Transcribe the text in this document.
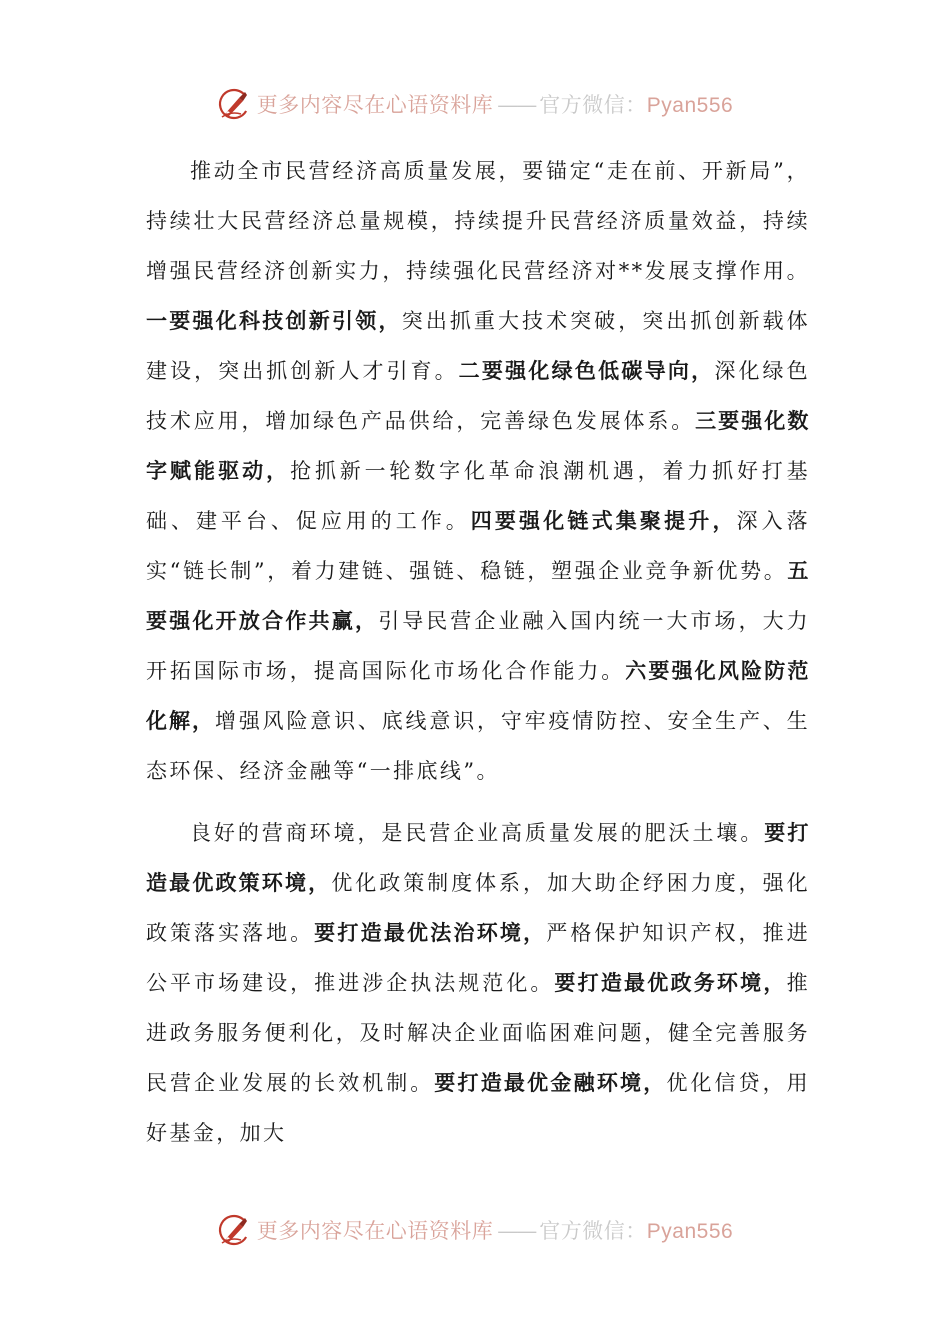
更多内容尽在心语资料库 —— 官方微信：Pyan556

推动全市民营经济高质量发展，要锚定“走在前、开新局”，持续壮大民营经济总量规模，持续提升民营经济质量效益，持续增强民营经济创新实力，持续强化民营经济对**发展支撑作用。一要强化科技创新引领，突出抓重大技术突破，突出抓创新载体建设，突出抓创新人才引育。二要强化绿色低碳导向，深化绿色技术应用，增加绿色产品供给，完善绿色发展体系。三要强化数字赋能驱动，抢抓新一轮数字化革命浪潮机遇，着力抓好打基础、建平台、促应用的工作。四要强化链式集聚提升，深入落实“链长制”，着力建链、强链、稳链，塑强企业竞争新优势。五要强化开放合作共赢，引导民营企业融入国内统一大市场，大力开拓国际市场，提高国际化市场化合作能力。六要强化风险防范化解，增强风险意识、底线意识，守牢疫情防控、安全生产、生态环保、经济金融等“一排底线”。

良好的营商环境，是民营企业高质量发展的肥沃土壤。要打造最优政策环境，优化政策制度体系，加大助企纾困力度，强化政策落实落地。要打造最优法治环境，严格保护知识产权，推进公平市场建设，推进涉企执法规范化。要打造最优政务环境，推进政务服务便利化，及时解决企业面临困难问题，健全完善服务民营企业发展的长效机制。要打造最优金融环境，优化信贷，用好基金，加大

更多内容尽在心语资料库 —— 官方微信：Pyan556
